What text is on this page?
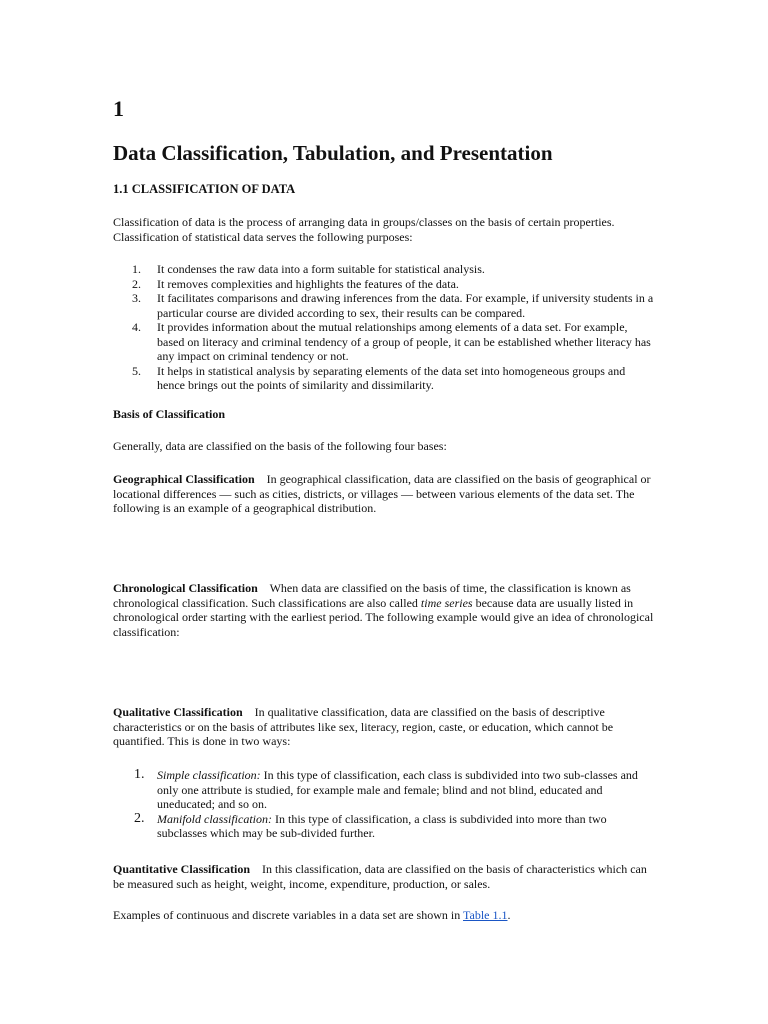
1
Data Classification, Tabulation, and Presentation
1.1 CLASSIFICATION OF DATA

Classification of data is the process of arranging data in groups/classes on the basis of certain properties. Classification of statistical data serves the following purposes:

1. It condenses the raw data into a form suitable for statistical analysis.
2. It removes complexities and highlights the features of the data.
3. It facilitates comparisons and drawing inferences from the data. For example, if university students in a particular course are divided according to sex, their results can be compared.
4. It provides information about the mutual relationships among elements of a data set. For example, based on literacy and criminal tendency of a group of people, it can be established whether literacy has any impact on criminal tendency or not.
5. It helps in statistical analysis by separating elements of the data set into homogeneous groups and hence brings out the points of similarity and dissimilarity.
Basis of Classification

Generally, data are classified on the basis of the following four bases:

Geographical Classification In geographical classification, data are classified on the basis of geographical or locational differences — such as cities, districts, or villages — between various elements of the data set. The following is an example of a geographical distribution.

Chronological Classification When data are classified on the basis of time, the classification is known as chronological classification. Such classifications are also called time series because data are usually listed in chronological order starting with the earliest period. The following example would give an idea of chronological classification:

Qualitative Classification In qualitative classification, data are classified on the basis of descriptive characteristics or on the basis of attributes like sex, literacy, region, caste, or education, which cannot be quantified. This is done in two ways:

1. Simple classification: In this type of classification, each class is subdivided into two sub-classes and only one attribute is studied, for example male and female; blind and not blind, educated and uneducated; and so on.
2. Manifold classification: In this type of classification, a class is subdivided into more than two subclasses which may be sub-divided further.

Quantitative Classification In this classification, data are classified on the basis of characteristics which can be measured such as height, weight, income, expenditure, production, or sales.

Examples of continuous and discrete variables in a data set are shown in Table 1.1.
